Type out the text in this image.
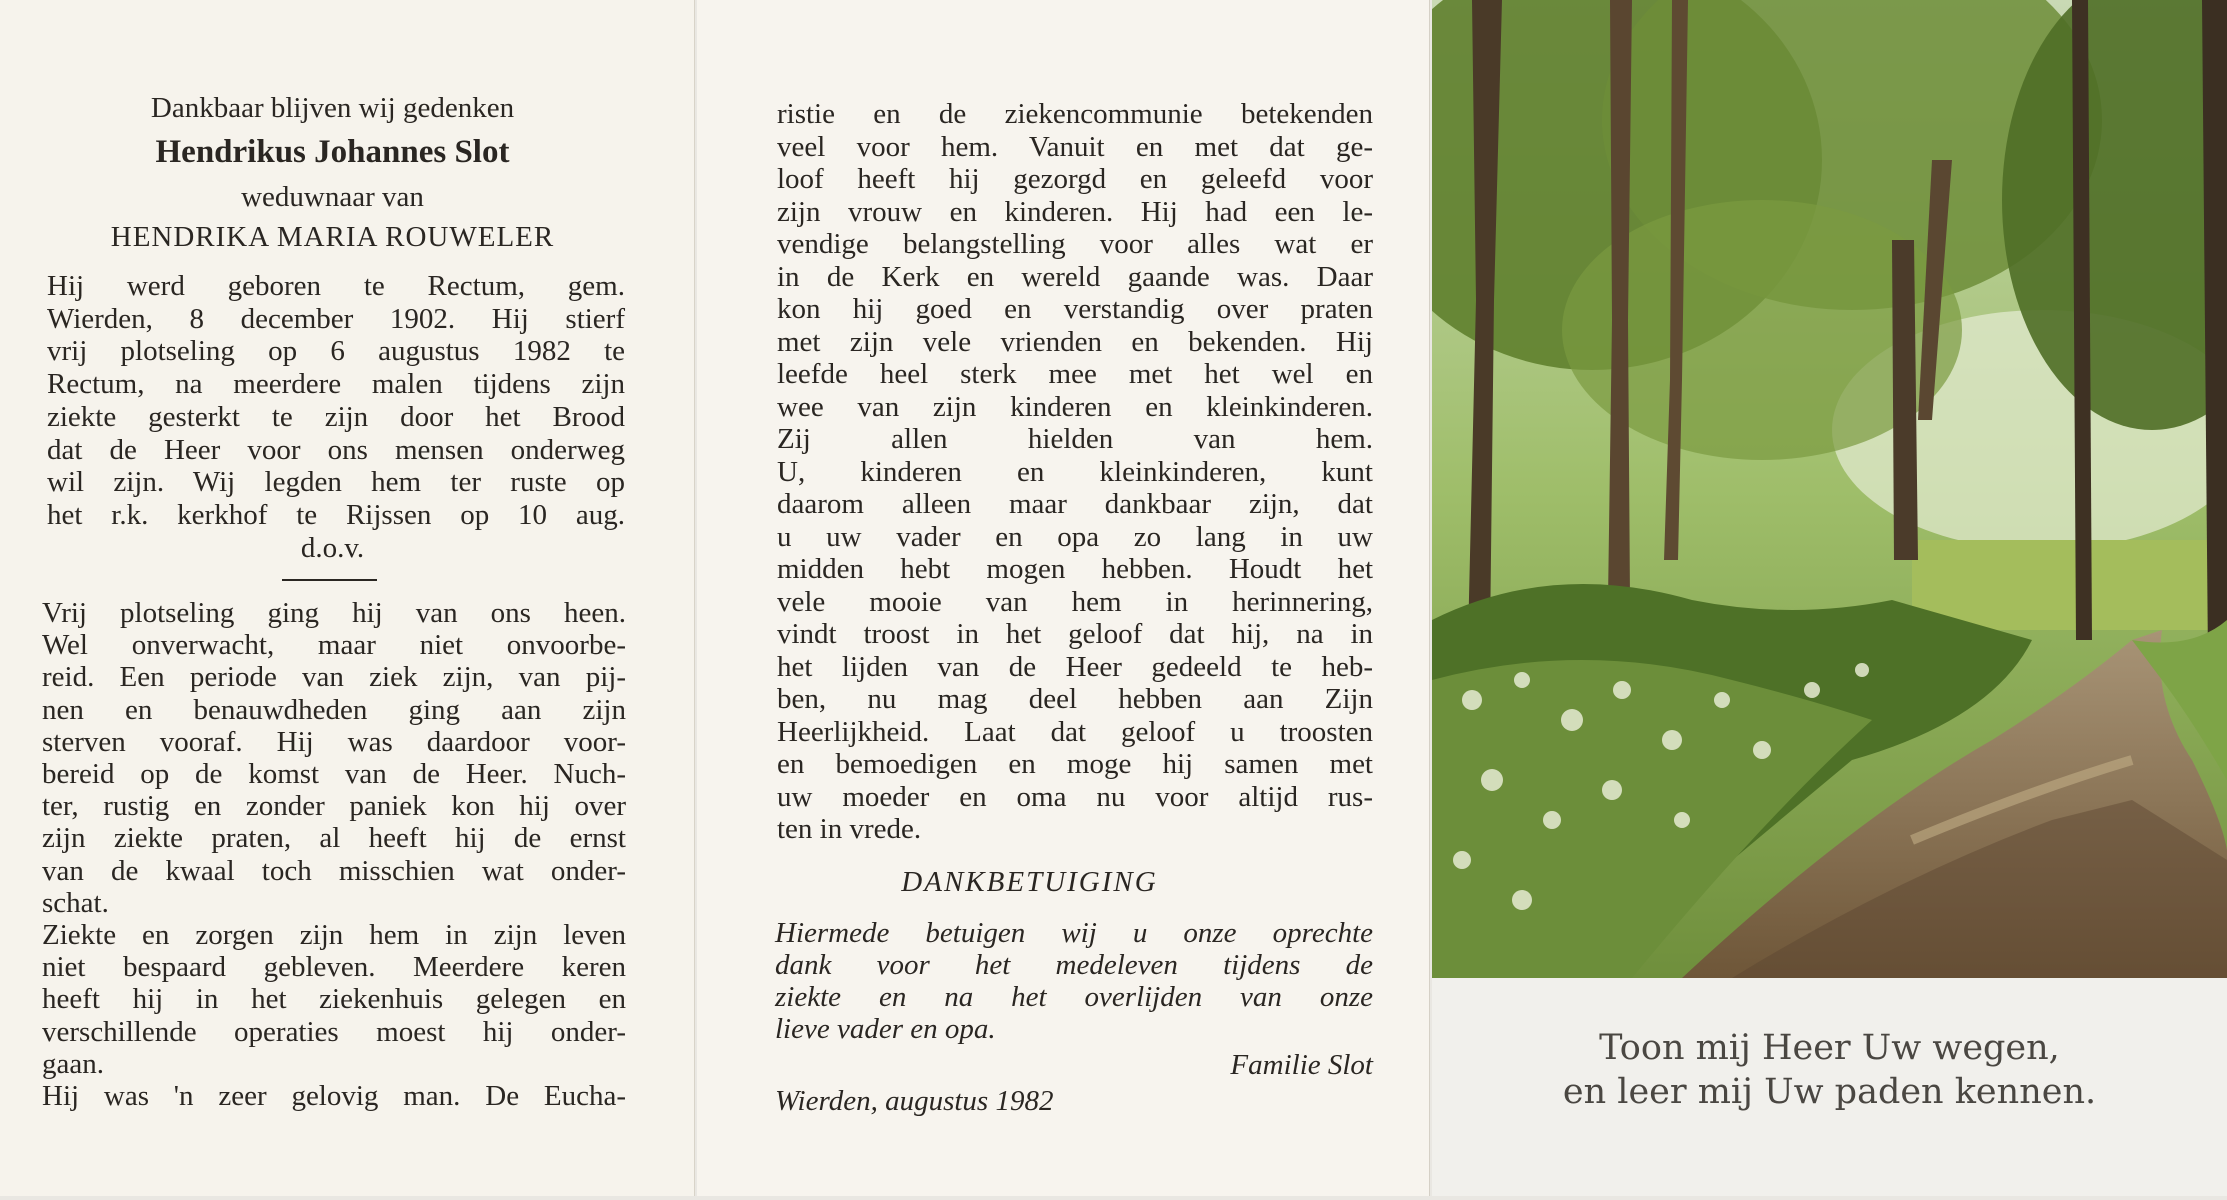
Dankbaar blijven wij gedenken
Hendrikus Johannes Slot
weduwnaar van
HENDRIKA MARIA ROUWELER
Hij werd geboren te Rectum, gem.
Wierden, 8 december 1902. Hij stierf
vrij plotseling op 6 augustus 1982 te
Rectum, na meerdere malen tijdens zijn
ziekte gesterkt te zijn door het Brood
dat de Heer voor ons mensen onderweg
wil zijn. Wij legden hem ter ruste op
het r.k. kerkhof te Rijssen op 10 aug.
d.o.v.
Vrij plotseling ging hij van ons heen.
Wel onverwacht, maar niet onvoorbe-
reid. Een periode van ziek zijn, van pij-
nen en benauwdheden ging aan zijn
sterven vooraf. Hij was daardoor voor-
bereid op de komst van de Heer. Nuch-
ter, rustig en zonder paniek kon hij over
zijn ziekte praten, al heeft hij de ernst
van de kwaal toch misschien wat onder-
schat.
Ziekte en zorgen zijn hem in zijn leven
niet bespaard gebleven. Meerdere keren
heeft hij in het ziekenhuis gelegen en
verschillende operaties moest hij onder-
gaan.
Hij was 'n zeer gelovig man. De Eucha-
ristie en de ziekencommunie betekenden
veel voor hem. Vanuit en met dat ge-
loof heeft hij gezorgd en geleefd voor
zijn vrouw en kinderen. Hij had een le-
vendige belangstelling voor alles wat er
in de Kerk en wereld gaande was. Daar
kon hij goed en verstandig over praten
met zijn vele vrienden en bekenden. Hij
leefde heel sterk mee met het wel en
wee van zijn kinderen en kleinkinderen.
Zij allen hielden van hem.
U, kinderen en kleinkinderen, kunt
daarom alleen maar dankbaar zijn, dat
u uw vader en opa zo lang in uw
midden hebt mogen hebben. Houdt het
vele mooie van hem in herinnering,
vindt troost in het geloof dat hij, na in
het lijden van de Heer gedeeld te heb-
ben, nu mag deel hebben aan Zijn
Heerlijkheid. Laat dat geloof u troosten
en bemoedigen en moge hij samen met
uw moeder en oma nu voor altijd rus-
ten in vrede.
DANKBETUIGING
Hiermede betuigen wij u onze oprechte
dank voor het medeleven tijdens de
ziekte en na het overlijden van onze
lieve vader en opa.
Familie Slot
Wierden, augustus 1982
Toon mij Heer Uw wegen,
en leer mij Uw paden kennen.
